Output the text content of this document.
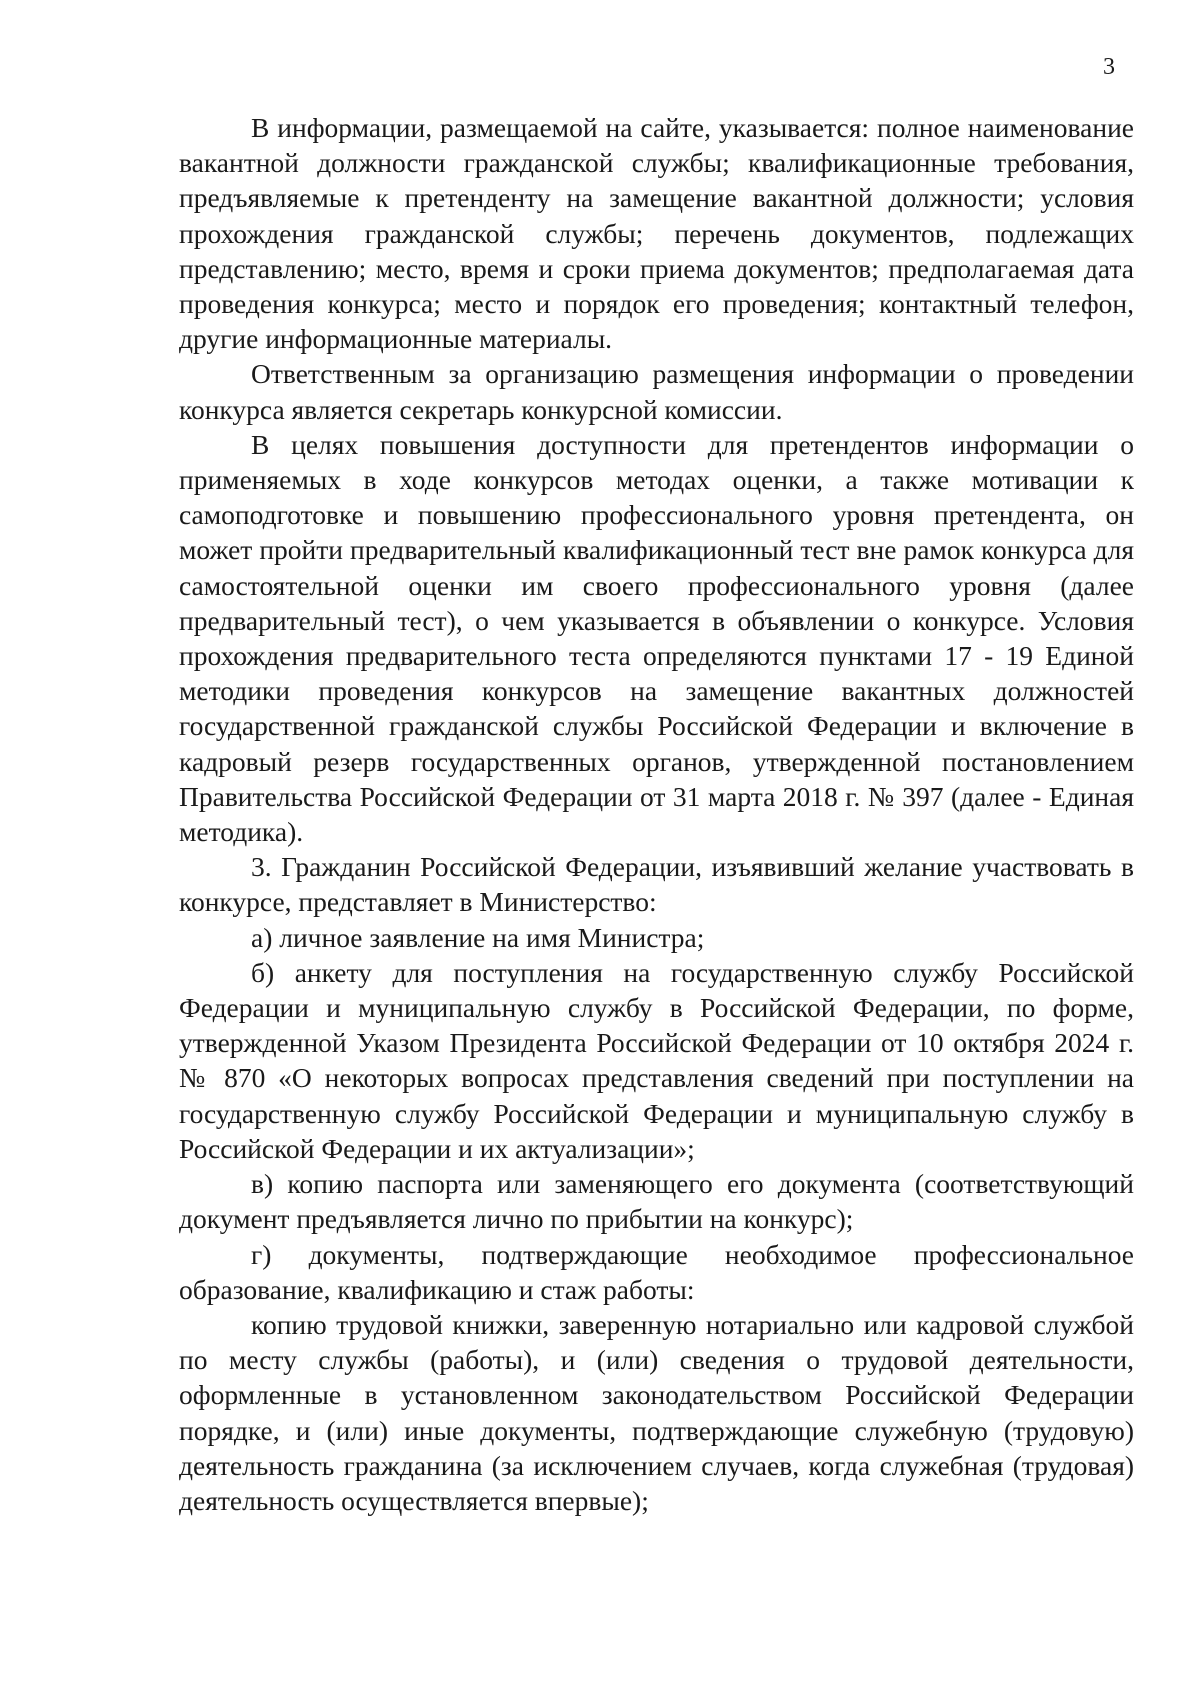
3

В информации, размещаемой на сайте, указывается: полное наименование вакантной должности гражданской службы; квалификационные требования, предъявляемые к претенденту на замещение вакантной должности; условия прохождения гражданской службы; перечень документов, подлежащих представлению; место, время и сроки приема документов; предполагаемая дата проведения конкурса; место и порядок его проведения; контактный телефон, другие информационные материалы.

Ответственным за организацию размещения информации о проведении конкурса является секретарь конкурсной комиссии.

В целях повышения доступности для претендентов информации о применяемых в ходе конкурсов методах оценки, а также мотивации к самоподготовке и повышению профессионального уровня претендента, он может пройти предварительный квалификационный тест вне рамок конкурса для самостоятельной оценки им своего профессионального уровня (далее предварительный тест), о чем указывается в объявлении о конкурсе. Условия прохождения предварительного теста определяются пунктами 17 - 19 Единой методики проведения конкурсов на замещение вакантных должностей государственной гражданской службы Российской Федерации и включение в кадровый резерв государственных органов, утвержденной постановлением Правительства Российской Федерации от 31 марта 2018 г. № 397 (далее - Единая методика).

3. Гражданин Российской Федерации, изъявивший желание участвовать в конкурсе, представляет в Министерство:

а) личное заявление на имя Министра;

б) анкету для поступления на государственную службу Российской Федерации и муниципальную службу в Российской Федерации, по форме, утвержденной Указом Президента Российской Федерации от 10 октября 2024 г. № 870 «О некоторых вопросах представления сведений при поступлении на государственную службу Российской Федерации и муниципальную службу в Российской Федерации и их актуализации»;

в) копию паспорта или заменяющего его документа (соответствующий документ предъявляется лично по прибытии на конкурс);

г) документы, подтверждающие необходимое профессиональное образование, квалификацию и стаж работы:

копию трудовой книжки, заверенную нотариально или кадровой службой по месту службы (работы), и (или) сведения о трудовой деятельности, оформленные в установленном законодательством Российской Федерации порядке, и (или) иные документы, подтверждающие служебную (трудовую) деятельность гражданина (за исключением случаев, когда служебная (трудовая) деятельность осуществляется впервые);
